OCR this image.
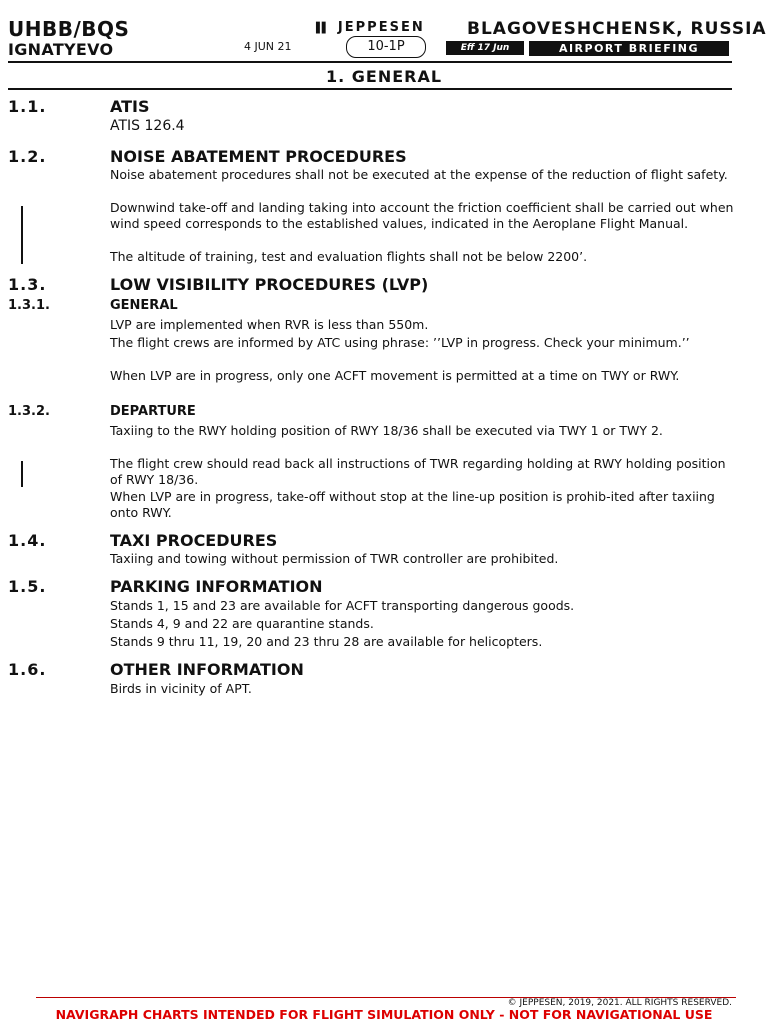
UHBB/BQS
IGNATYEVO	4 JUN 21
▐▌ JEPPESEN
10-1P	Eff 17 Jun
BLAGOVESHCHENSK, RUSSIA
AIRPORT BRIEFING
1. GENERAL
1.1.	ATIS
ATIS 126.4
1.2.	NOISE ABATEMENT PROCEDURES
Noise abatement procedures shall not be executed at the expense of the reduction of flight safety.
Downwind take-off and landing taking into account the friction coefficient shall be carried out when wind speed corresponds to the established values, indicated in the Aeroplane Flight Manual.
The altitude of training, test and evaluation flights shall not be below 2200’.
1.3.	LOW VISIBILITY PROCEDURES (LVP)
1.3.1.	GENERAL
LVP are implemented when RVR is less than 550m.
The flight crews are informed by ATC using phrase: ’’LVP in progress. Check your minimum.’’
When LVP are in progress, only one ACFT movement is permitted at a time on TWY or RWY.
1.3.2.	DEPARTURE
Taxiing to the RWY holding position of RWY 18/36 shall be executed via TWY 1 or TWY 2.
The flight crew should read back all instructions of TWR regarding holding at RWY holding position of RWY 18/36.
When LVP are in progress, take-off without stop at the line-up position is prohib-ited after taxiing onto RWY.
1.4.	TAXI PROCEDURES
Taxiing and towing without permission of TWR controller are prohibited.
1.5.	PARKING INFORMATION
Stands 1, 15 and 23 are available for ACFT transporting dangerous goods.
Stands 4, 9 and 22 are quarantine stands.
Stands 9 thru 11, 19, 20 and 23 thru 28 are available for helicopters.
1.6.	OTHER INFORMATION
Birds in vicinity of APT.
© JEPPESEN, 2019, 2021. ALL RIGHTS RESERVED.
NAVIGRAPH CHARTS INTENDED FOR FLIGHT SIMULATION ONLY - NOT FOR NAVIGATIONAL USE
